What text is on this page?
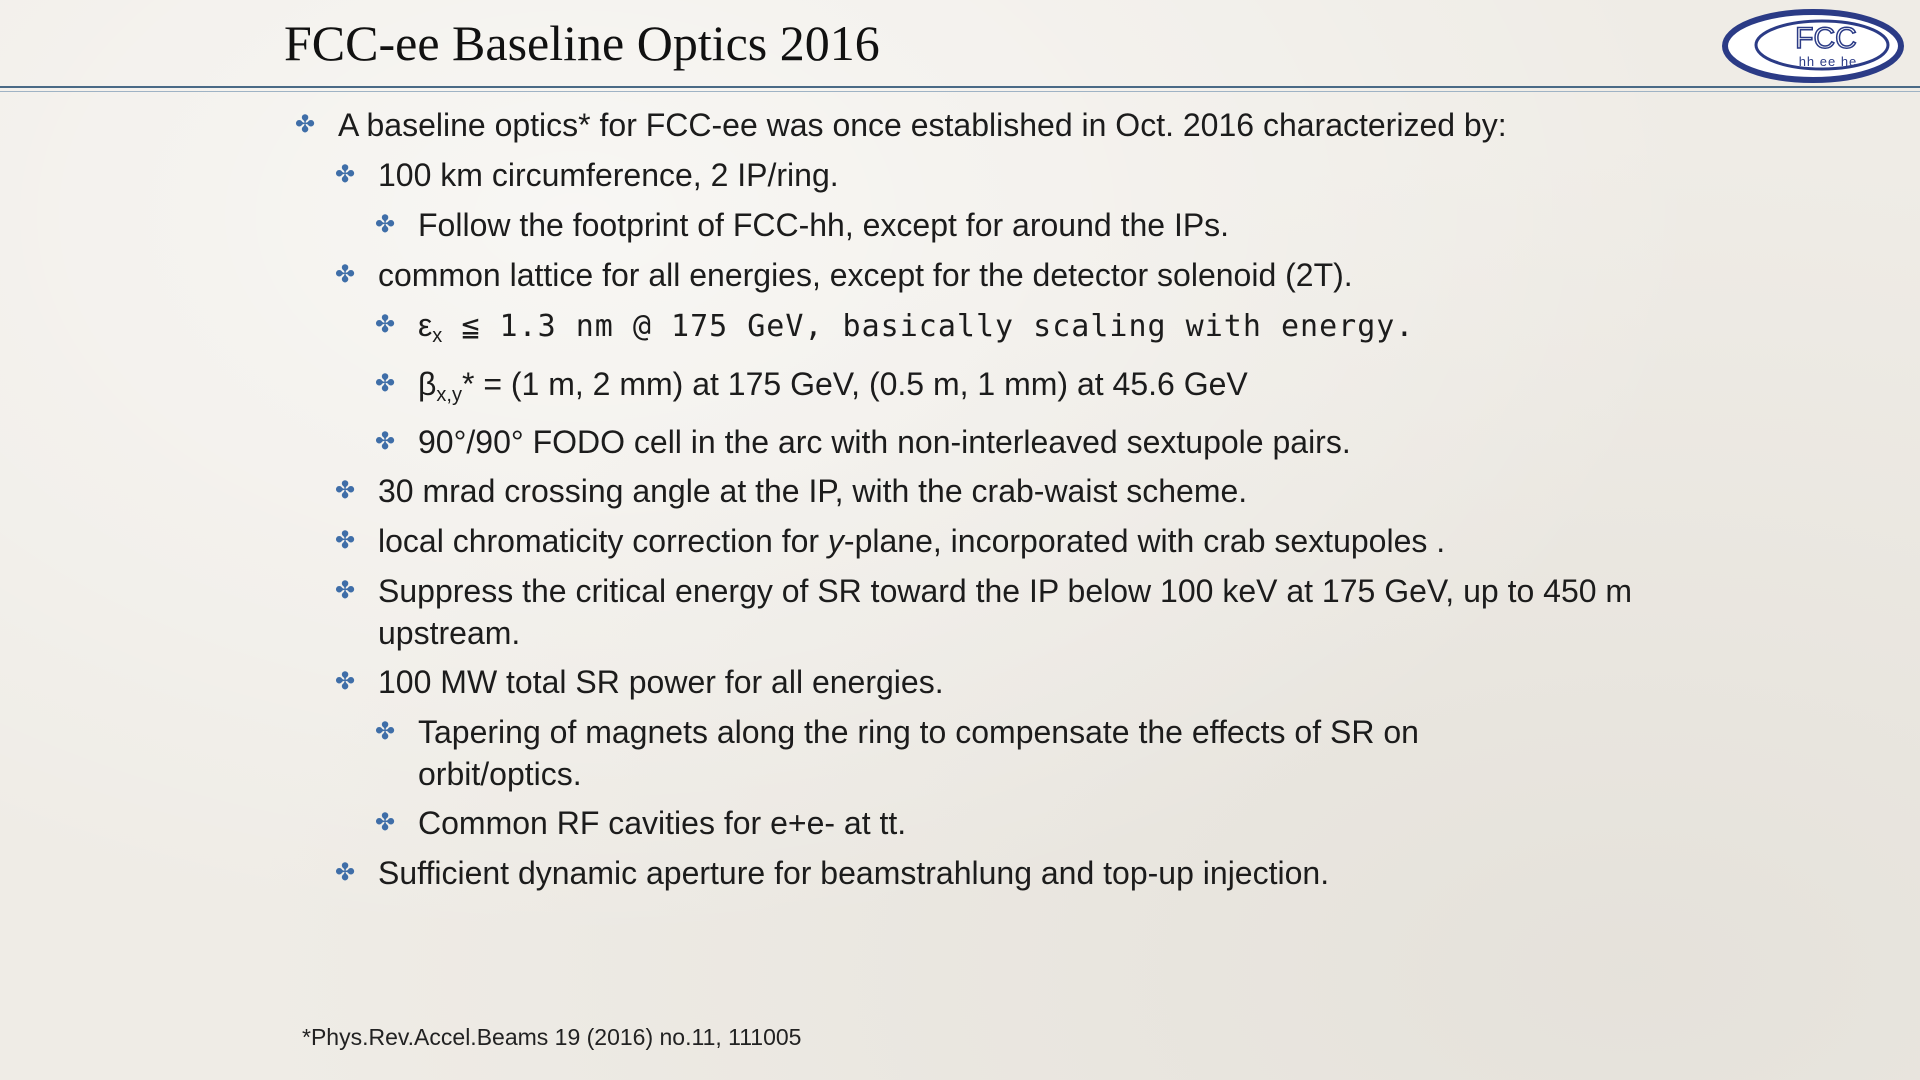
FCC-ee Baseline Optics 2016	FCC
hh ee he
✤ A baseline optics* for FCC-ee was once established in Oct. 2016 characterized by:
✤ 100 km circumference, 2 IP/ring.
✤ Follow the footprint of FCC-hh, except for around the IPs.
✤ common lattice for all energies, except for the detector solenoid (2T).
✤ $\varepsilon_x$ ≦ 1.3 nm @ 175 GeV, basically scaling with energy.
✤ $\beta_{x,y}* = (1$ m, 2 mm) at 175 GeV, (0.5 m, 1 mm) at 45.6 GeV
✤ 90°/90° FODO cell in the arc with non-interleaved sextupole pairs.
✤ 30 mrad crossing angle at the IP, with the crab-waist scheme.
✤ local chromaticity correction for y-plane, incorporated with crab sextupoles .
✤ Suppress the critical energy of SR toward the IP below 100 keV at 175 GeV, up to 450 m upstream.
✤ 100 MW total SR power for all energies.
✤ Tapering of magnets along the ring to compensate the effects of SR on orbit/optics.
✤ Common RF cavities for e+e- at tt.
✤ Sufficient dynamic aperture for beamstrahlung and top-up injection.
*Phys.Rev.Accel.Beams 19 (2016) no.11, 111005
